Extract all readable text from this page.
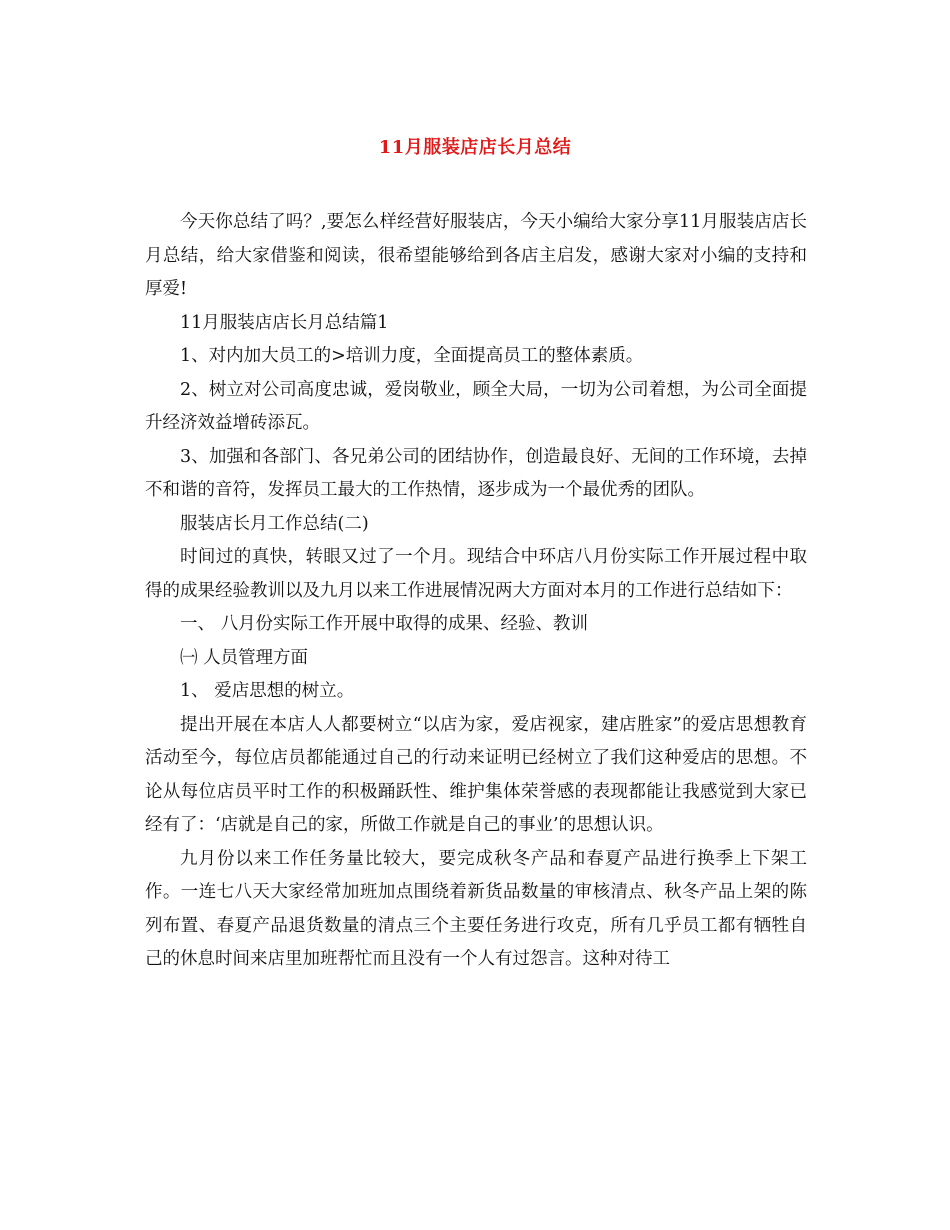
11月服装店店长月总结

今天你总结了吗？,要怎么样经营好服装店，今天小编给大家分享11月服装店店长月总结，给大家借鉴和阅读，很希望能够给到各店主启发，感谢大家对小编的支持和厚爱!

11月服装店店长月总结篇1

1、对内加大员工的>培训力度，全面提高员工的整体素质。

2、树立对公司高度忠诚，爱岗敬业，顾全大局，一切为公司着想，为公司全面提升经济效益增砖添瓦。

3、加强和各部门、各兄弟公司的团结协作，创造最良好、无间的工作环境，去掉不和谐的音符，发挥员工最大的工作热情，逐步成为一个最优秀的团队。

服装店长月工作总结(二)

时间过的真快，转眼又过了一个月。现结合中环店八月份实际工作开展过程中取得的成果经验教训以及九月以来工作进展情况两大方面对本月的工作进行总结如下：

一、 八月份实际工作开展中取得的成果、经验、教训

㈠ 人员管理方面

1、 爱店思想的树立。

提出开展在本店人人都要树立“以店为家，爱店视家，建店胜家”的爱店思想教育活动至今，每位店员都能通过自己的行动来证明已经树立了我们这种爱店的思想。不论从每位店员平时工作的积极踊跃性、维护集体荣誉感的表现都能让我感觉到大家已经有了：‘店就是自己的家，所做工作就是自己的事业’的思想认识。

九月份以来工作任务量比较大，要完成秋冬产品和春夏产品进行换季上下架工作。一连七八天大家经常加班加点围绕着新货品数量的审核清点、秋冬产品上架的陈列布置、春夏产品退货数量的清点三个主要任务进行攻克，所有几乎员工都有牺牲自己的休息时间来店里加班帮忙而且没有一个人有过怨言。这种对待工
